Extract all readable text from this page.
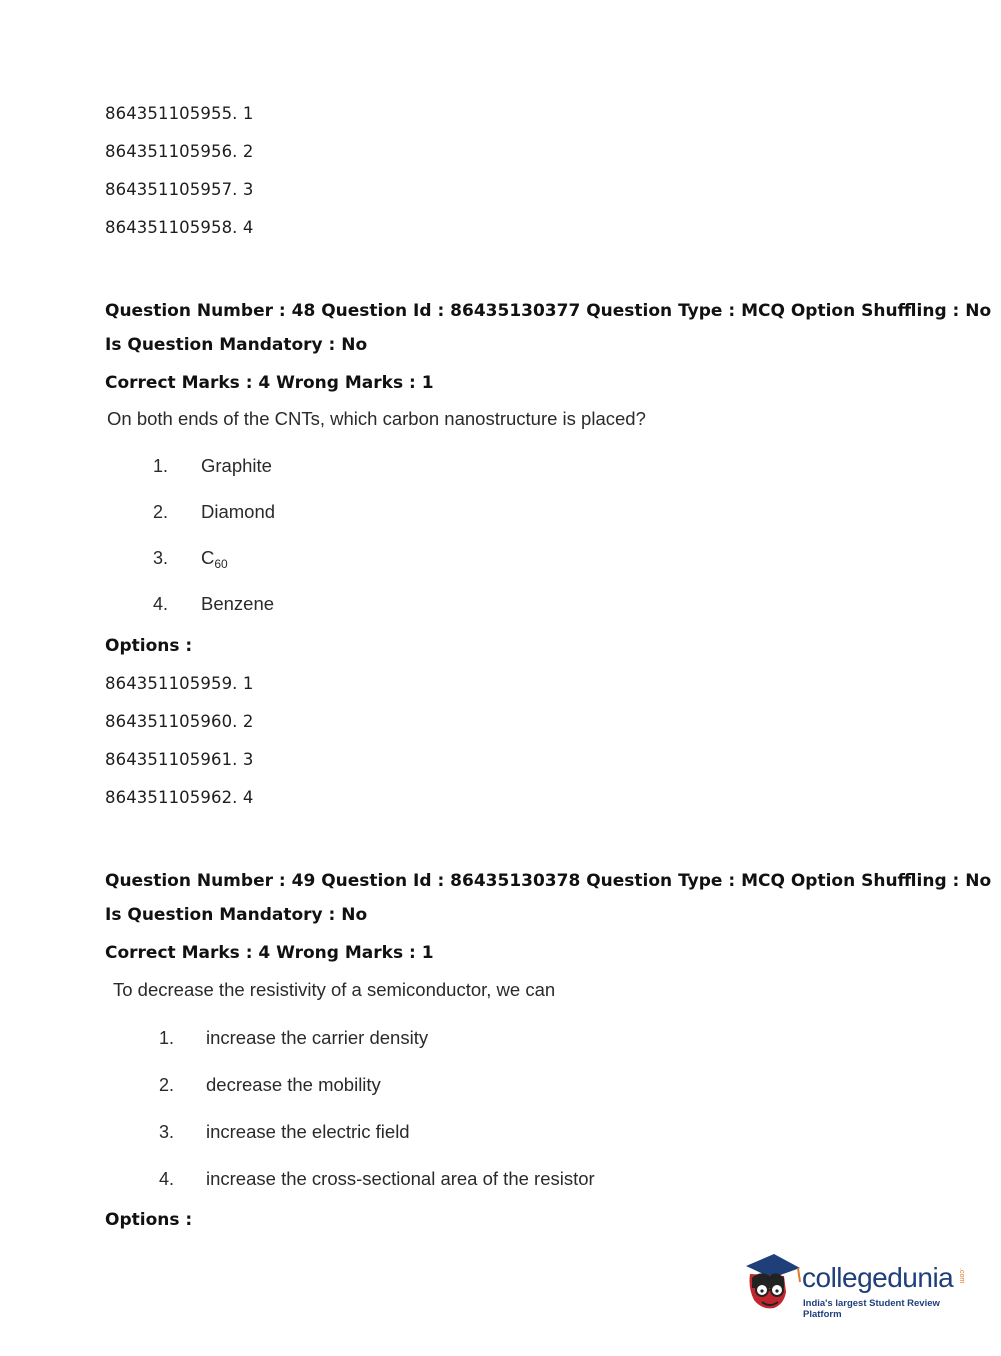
864351105955. 1
864351105956. 2
864351105957. 3
864351105958. 4
Question Number : 48 Question Id : 86435130377 Question Type : MCQ Option Shuffling : No
Is Question Mandatory : No
Correct Marks : 4 Wrong Marks : 1
On both ends of the CNTs, which carbon nanostructure is placed?
1. Graphite
2. Diamond
3. $C_{60}$
4. Benzene
Options :
864351105959. 1
864351105960. 2
864351105961. 3
864351105962. 4
Question Number : 49 Question Id : 86435130378 Question Type : MCQ Option Shuffling : No
Is Question Mandatory : No
Correct Marks : 4 Wrong Marks : 1
To decrease the resistivity of a semiconductor, we can
1. increase the carrier density
2. decrease the mobility
3. increase the electric field
4. increase the cross-sectional area of the resistor
Options :
collegedunia .com
India's largest Student Review Platform
